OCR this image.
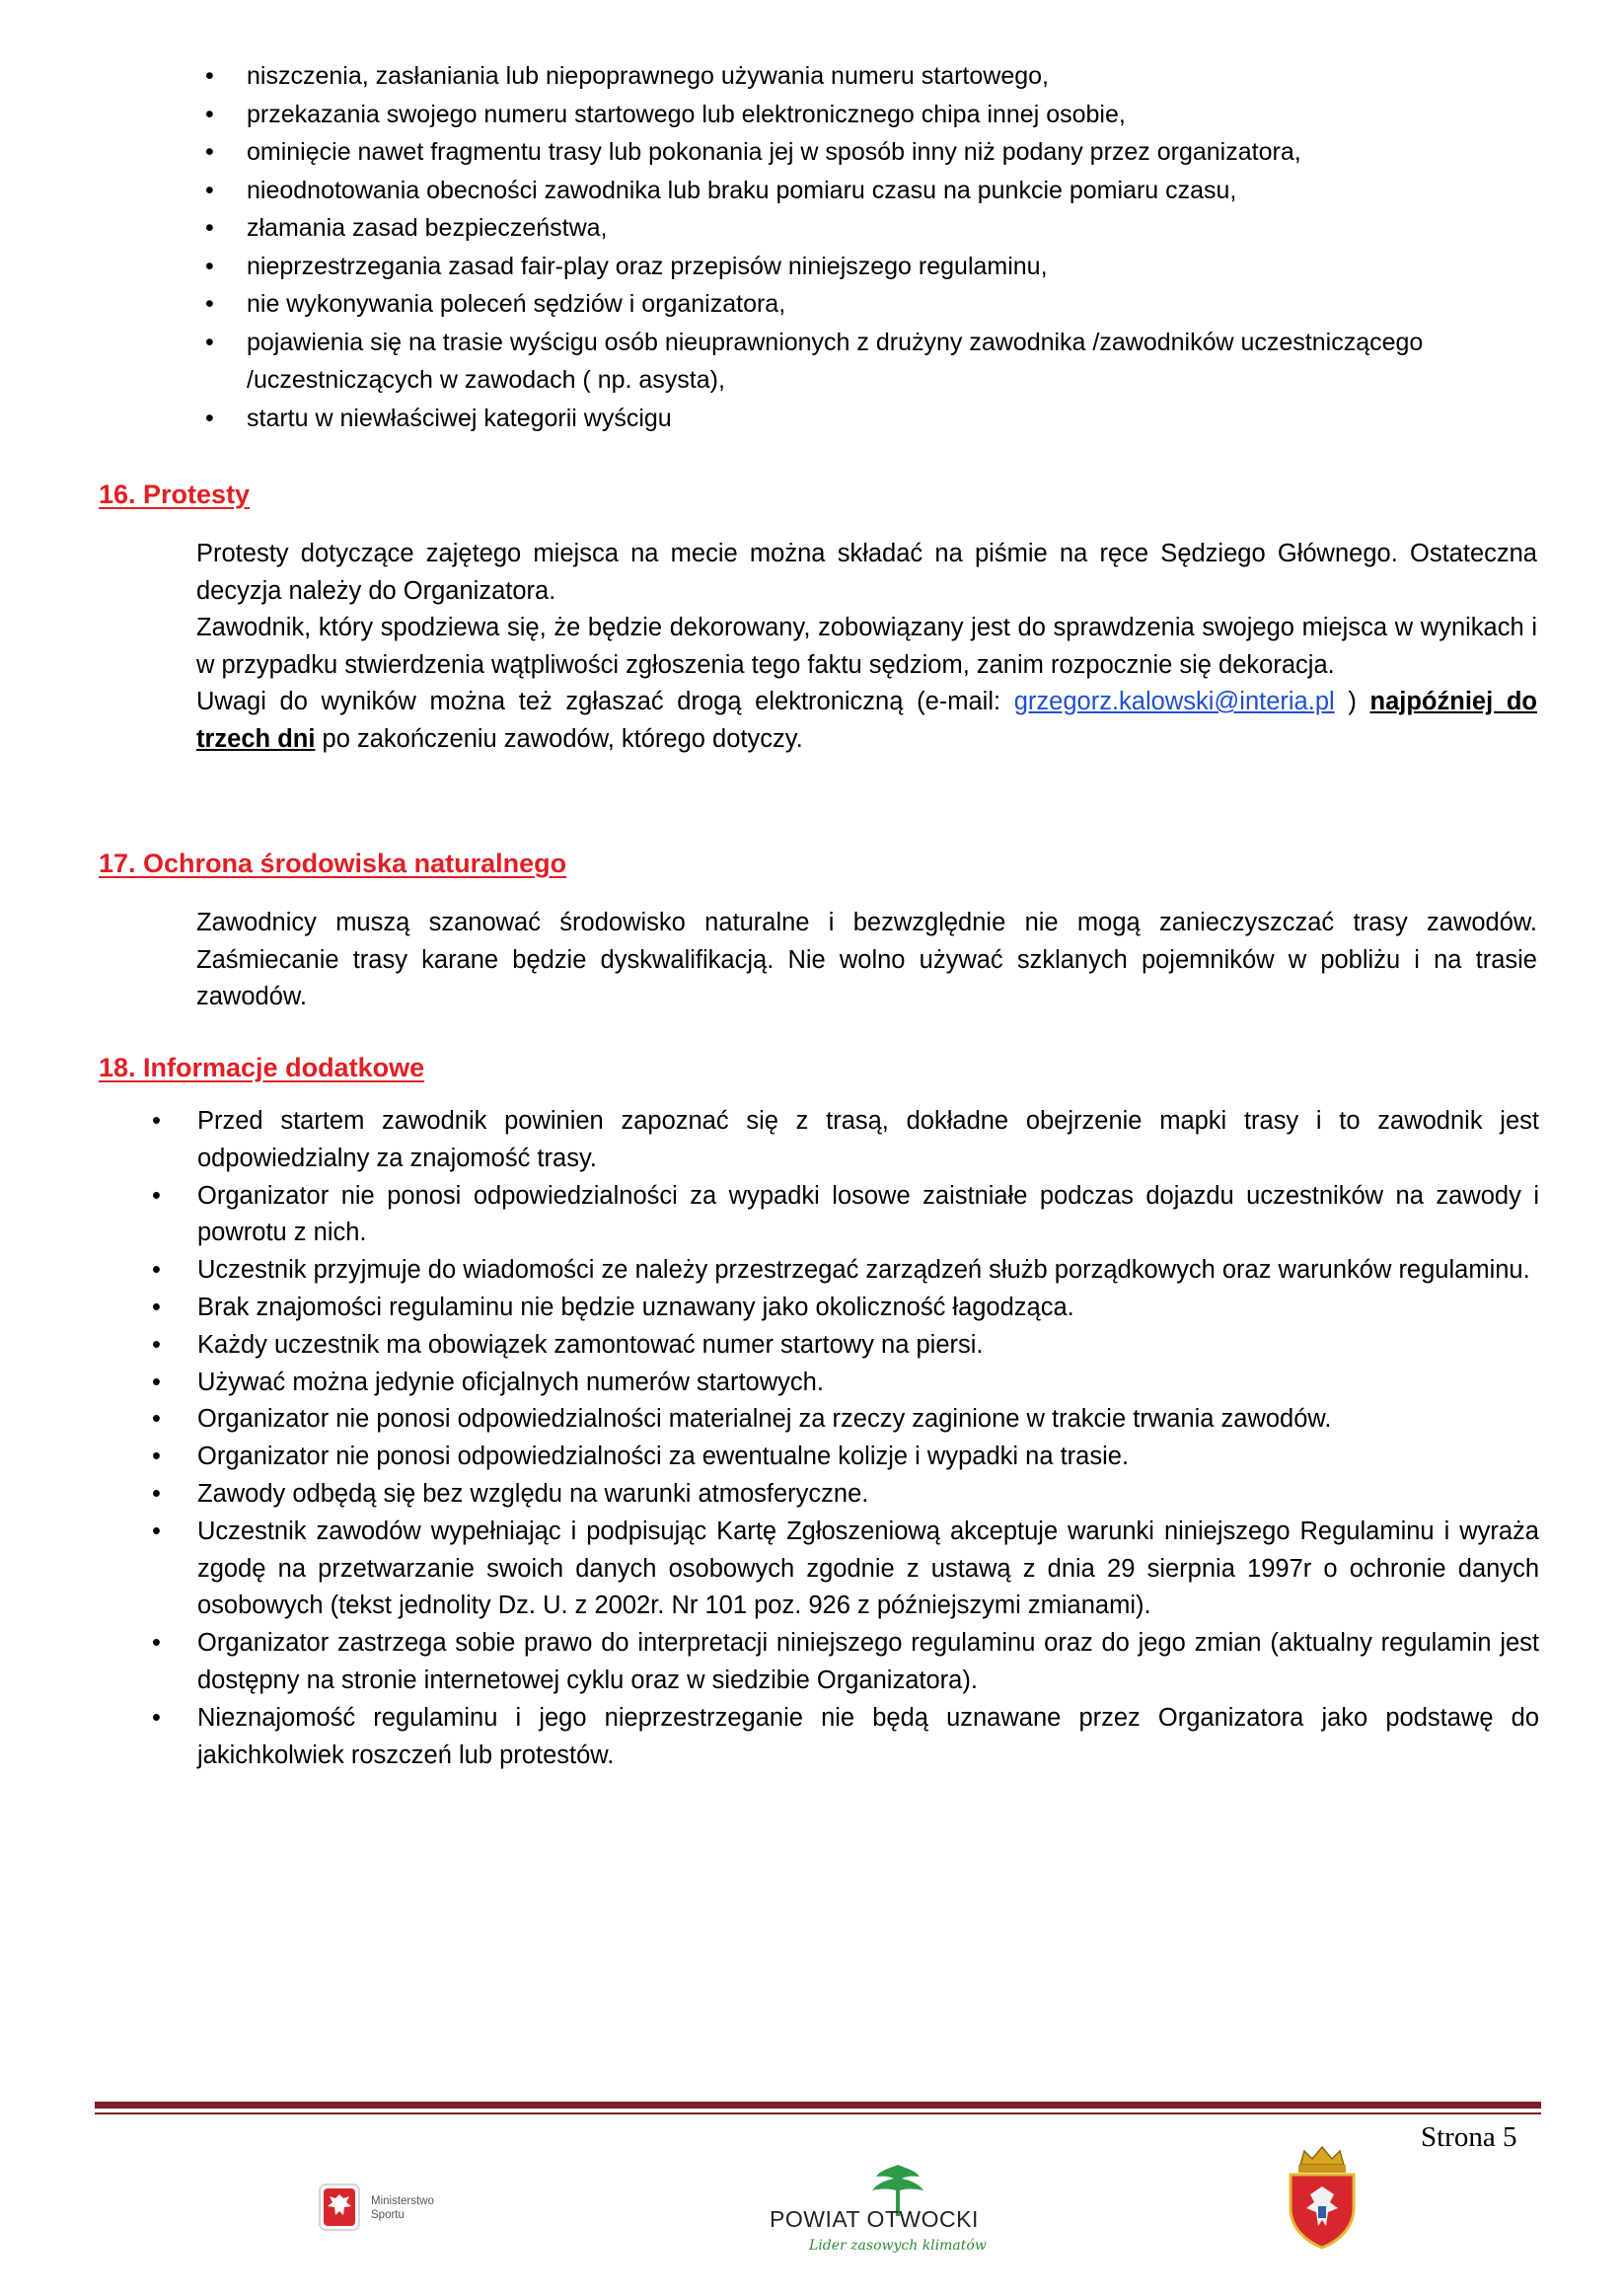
• niszczenia, zasłaniania lub niepoprawnego używania numeru startowego,
• przekazania swojego numeru startowego lub elektronicznego chipa innej osobie,
• ominięcie nawet fragmentu trasy lub pokonania jej w sposób inny niż podany przez organizatora,
• nieodnotowania obecności zawodnika lub braku pomiaru czasu na punkcie pomiaru czasu,
• złamania zasad bezpieczeństwa,
• nieprzestrzegania zasad fair-play oraz przepisów niniejszego regulaminu,
• nie wykonywania poleceń sędziów i organizatora,
• pojawienia się na trasie wyścigu osób nieuprawnionych z drużyny zawodnika /zawodników uczestniczącego /uczestniczących w zawodach ( np. asysta),
• startu w niewłaściwej kategorii wyścigu
16. Protesty

Protesty dotyczące zajętego miejsca na mecie można składać na piśmie na ręce Sędziego Głównego. Ostateczna decyzja należy do Organizatora.

Zawodnik, który spodziewa się, że będzie dekorowany, zobowiązany jest do sprawdzenia swojego miejsca w wynikach i w przypadku stwierdzenia wątpliwości zgłoszenia tego faktu sędziom, zanim rozpocznie się dekoracja.

Uwagi do wyników można też zgłaszać drogą elektroniczną (e-mail: grzegorz.kalowski@interia.pl ) najpóźniej do trzech dni po zakończeniu zawodów, którego dotyczy.

17. Ochrona środowiska naturalnego

Zawodnicy muszą szanować środowisko naturalne i bezwzględnie nie mogą zanieczyszczać trasy zawodów. Zaśmiecanie trasy karane będzie dyskwalifikacją. Nie wolno używać szklanych pojemników w pobliżu i na trasie zawodów.

18. Informacje dodatkowe
• Przed startem zawodnik powinien zapoznać się z trasą, dokładne obejrzenie mapki trasy i to zawodnik jest odpowiedzialny za znajomość trasy.
• Organizator nie ponosi odpowiedzialności za wypadki losowe zaistniałe podczas dojazdu uczestników na zawody i powrotu z nich.
• Uczestnik przyjmuje do wiadomości ze należy przestrzegać zarządzeń służb porządkowych oraz warunków regulaminu.
• Brak znajomości regulaminu nie będzie uznawany jako okoliczność łagodząca.
• Każdy uczestnik ma obowiązek zamontować numer startowy na piersi.
• Używać można jedynie oficjalnych numerów startowych.
• Organizator nie ponosi odpowiedzialności materialnej za rzeczy zaginione w trakcie trwania zawodów.
• Organizator nie ponosi odpowiedzialności za ewentualne kolizje i wypadki na trasie.
• Zawody odbędą się bez względu na warunki atmosferyczne.
• Uczestnik zawodów wypełniając i podpisując Kartę Zgłoszeniową akceptuje warunki niniejszego Regulaminu i wyraża zgodę na przetwarzanie swoich danych osobowych zgodnie z ustawą z dnia 29 sierpnia 1997r o ochronie danych osobowych (tekst jednolity Dz. U. z 2002r. Nr 101 poz. 926 z późniejszymi zmianami).
• Organizator zastrzega sobie prawo do interpretacji niniejszego regulaminu oraz do jego zmian (aktualny regulamin jest dostępny na stronie internetowej cyklu oraz w siedzibie Organizatora).
• Nieznajomość regulaminu i jego nieprzestrzeganie nie będą uznawane przez Organizatora jako podstawę do jakichkolwiek roszczeń lub protestów.
Strona 5
Ministerstwo
Sportu	POWIAT OTWOCKI
Lider zasowych klimatów
